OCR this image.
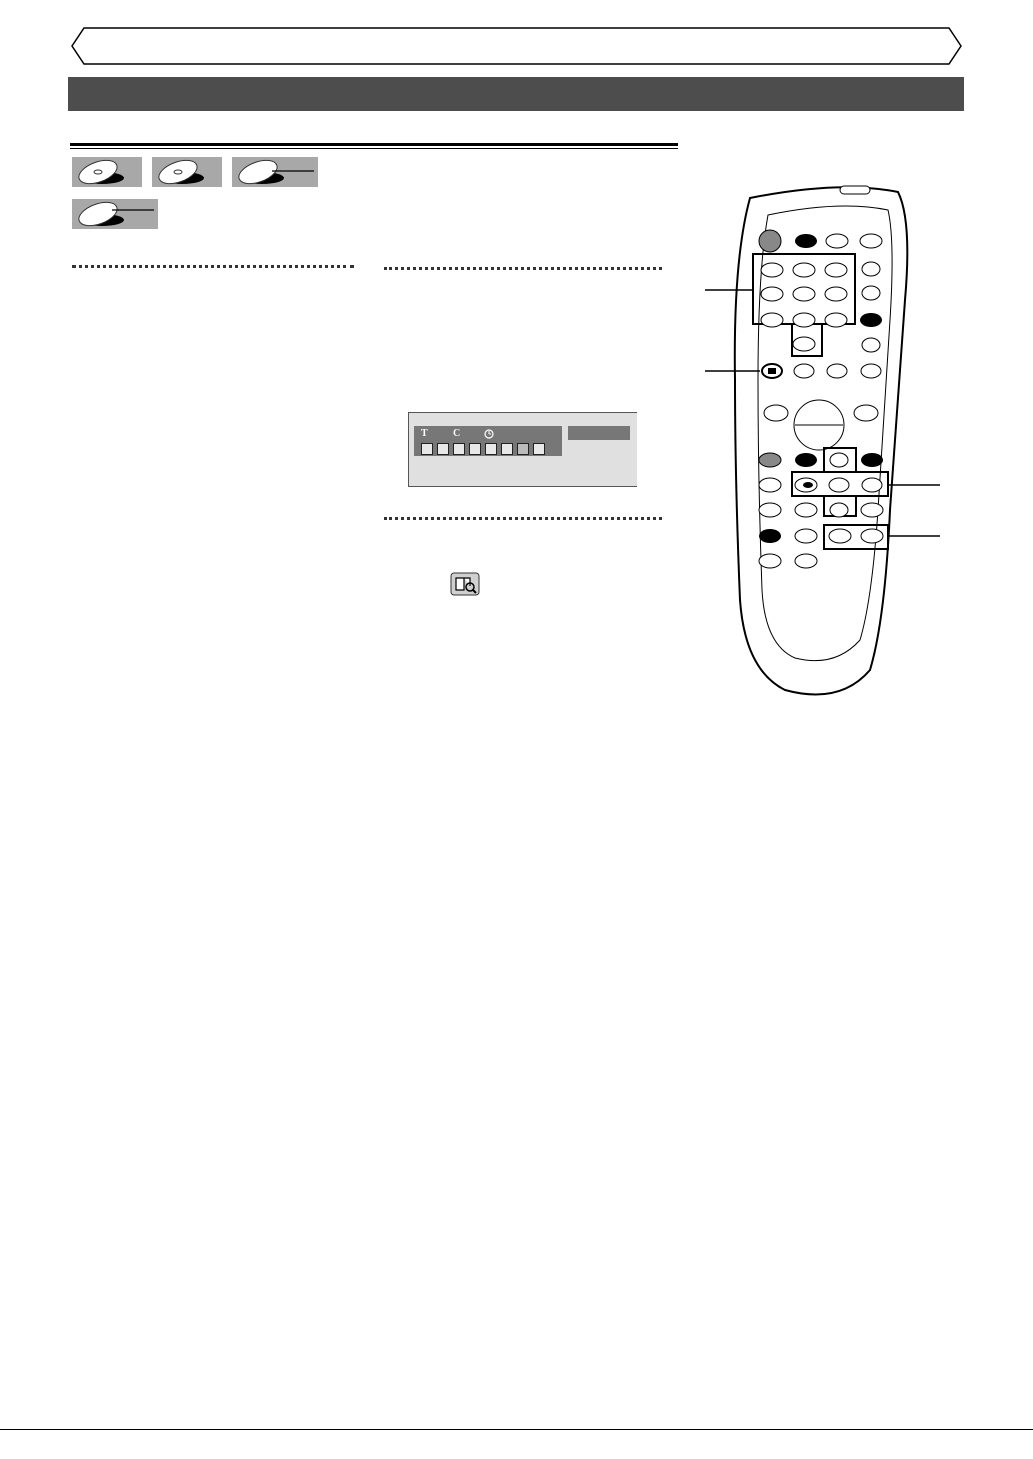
T	C
